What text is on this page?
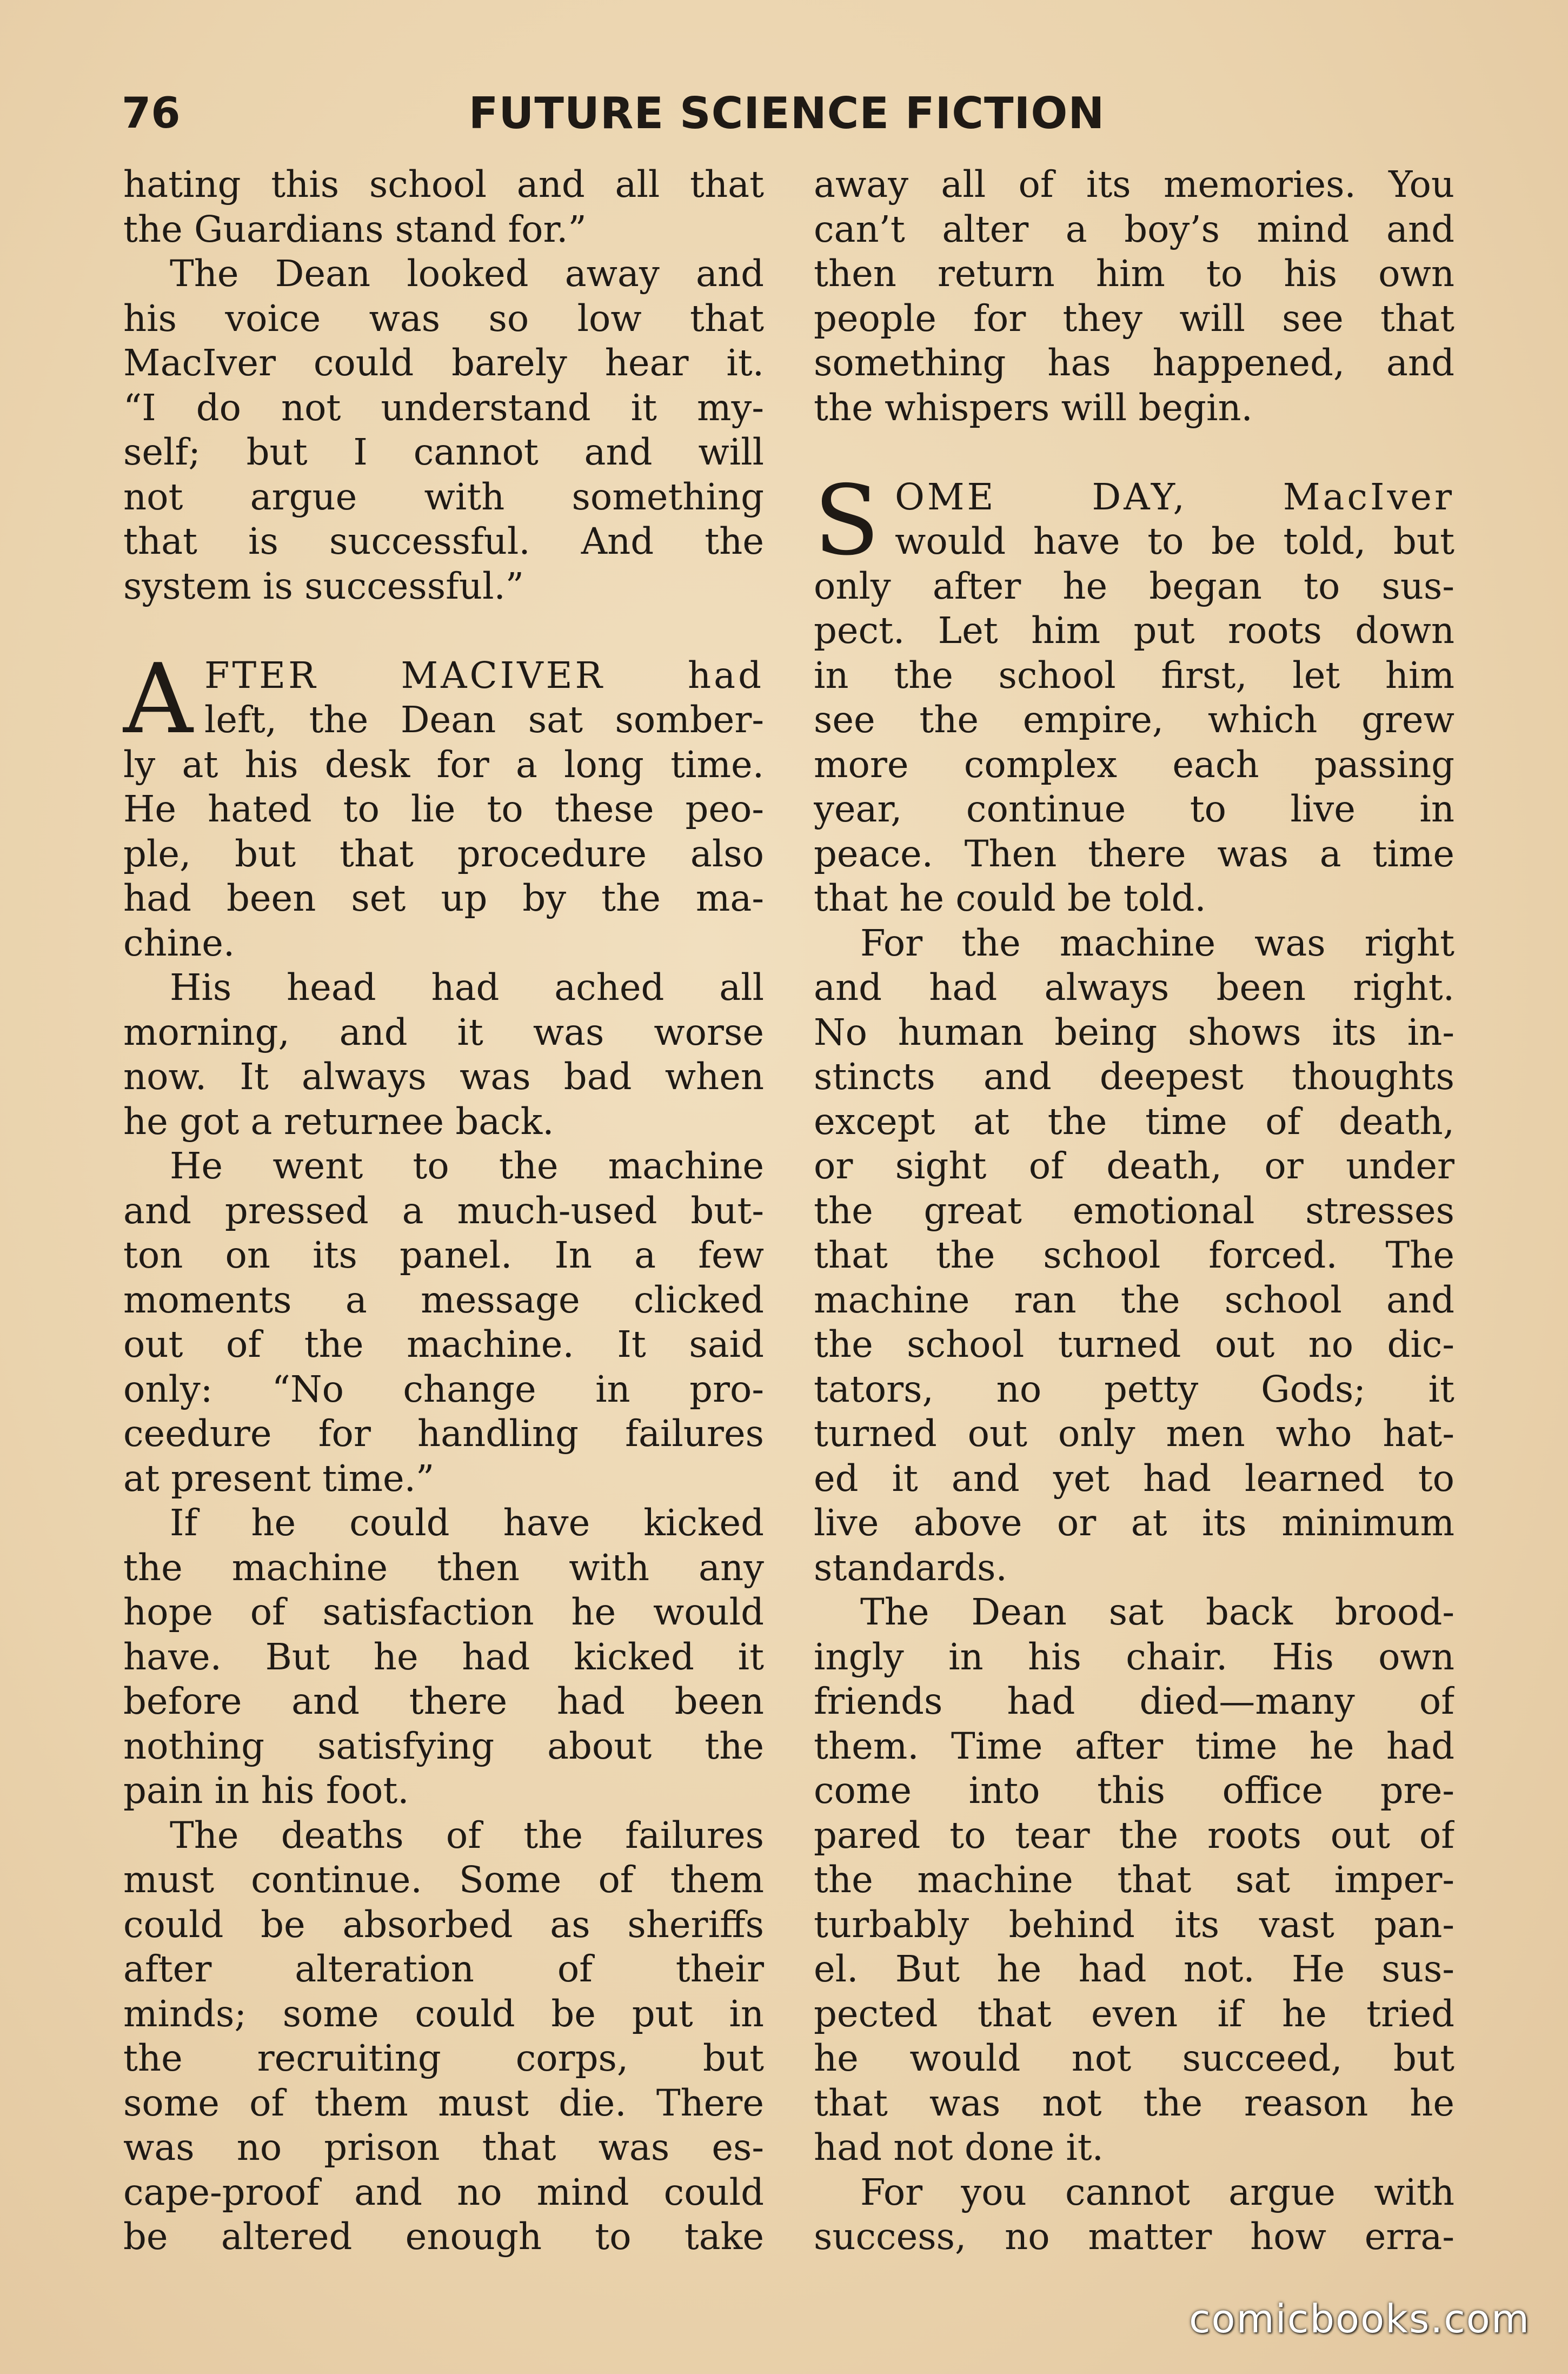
76	FUTURE SCIENCE FICTION
hating this school and all that
the Guardians stand for.”
The Dean looked away and
his voice was so low that
MacIver could barely hear it.
“I do not understand it my-
self; but I cannot and will
not argue with something
that is successful. And the
system is successful.”
A FTER MACIVER had
left, the Dean sat somber-
ly at his desk for a long time.
He hated to lie to these peo-
ple, but that procedure also
had been set up by the ma-
chine.
His head had ached all
morning, and it was worse
now. It always was bad when
he got a returnee back.
He went to the machine
and pressed a much-used but-
ton on its panel. In a few
moments a message clicked
out of the machine. It said
only: “No change in pro-
ceedure for handling failures
at present time.”
If he could have kicked
the machine then with any
hope of satisfaction he would
have. But he had kicked it
before and there had been
nothing satisfying about the
pain in his foot.
The deaths of the failures
must continue. Some of them
could be absorbed as sheriffs
after alteration of their
minds; some could be put in
the recruiting corps, but
some of them must die. There
was no prison that was es-
cape-proof and no mind could
be altered enough to take
away all of its memories. You
can’t alter a boy’s mind and
then return him to his own
people for they will see that
something has happened, and
the whispers will begin.
S OME DAY, MacIver
would have to be told, but
only after he began to sus-
pect. Let him put roots down
in the school first, let him
see the empire, which grew
more complex each passing
year, continue to live in
peace. Then there was a time
that he could be told.
For the machine was right
and had always been right.
No human being shows its in-
stincts and deepest thoughts
except at the time of death,
or sight of death, or under
the great emotional stresses
that the school forced. The
machine ran the school and
the school turned out no dic-
tators, no petty Gods; it
turned out only men who hat-
ed it and yet had learned to
live above or at its minimum
standards.
The Dean sat back brood-
ingly in his chair. His own
friends had died—many of
them. Time after time he had
come into this office pre-
pared to tear the roots out of
the machine that sat imper-
turbably behind its vast pan-
el. But he had not. He sus-
pected that even if he tried
he would not succeed, but
that was not the reason he
had not done it.
For you cannot argue with
success, no matter how erra-
comicbooks.com
